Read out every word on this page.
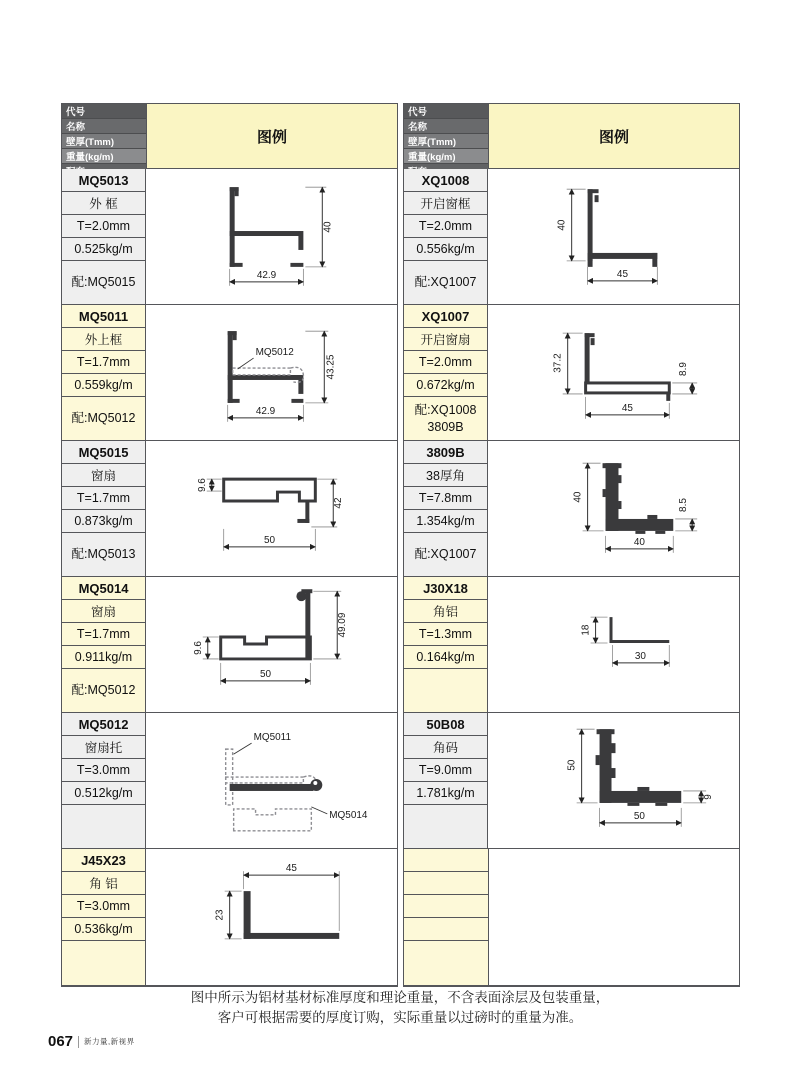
代号
名称
壁厚(Tmm)
重量(kg/m)
图例
MQ5013
外 框
T=2.0mm
0.525kg/m
配:MQ5015
40
42.9
MQ5011
外上框
T=1.7mm
0.559kg/m
配:MQ5012
MQ5012
43.25
42.9
MQ5015
窗扇
T=1.7mm
0.873kg/m
配:MQ5013
9.6
42
50
MQ5014
窗扇
T=1.7mm
0.911kg/m
配:MQ5012
9.6
49.09
50
MQ5012
窗扇托
T=3.0mm
0.512kg/m
MQ5011
MQ5014
J45X23
角 铝
T=3.0mm
0.536kg/m
45
23
代号
名称
壁厚(Tmm)
重量(kg/m)
图例
XQ1008
开启窗框
T=2.0mm
0.556kg/m
配:XQ1007
40
45
XQ1007
开启窗扇
T=2.0mm
0.672kg/m
配:XQ1008
3809B
37.2	8.9
45
3809B
38厚角
T=7.8mm
1.354kg/m
配:XQ1007
40
8.5
40
J30X18
角铝
T=1.3mm
0.164kg/m
18
30
50B08
角码
T=9.0mm
1.781kg/m
50
9
50
图中所示为铝材基材标准厚度和理论重量，不含表面涂层及包装重量，
客户可根据需要的厚度订购，实际重量以过磅时的重量为准。
067 新力量,新视界
